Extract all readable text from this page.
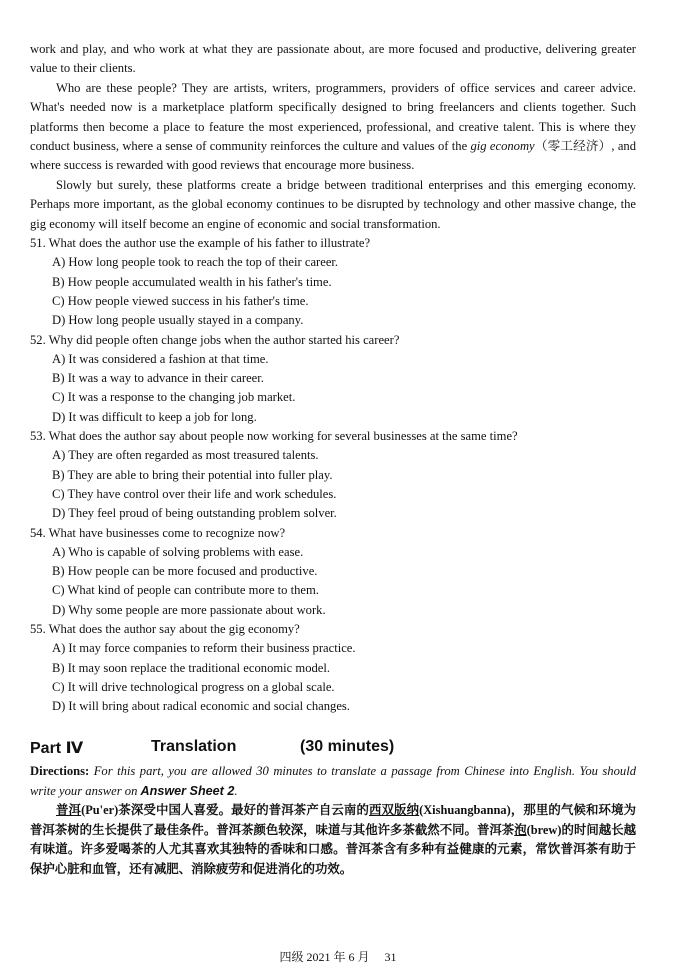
work and play, and who work at what they are passionate about, are more focused and productive, delivering greater value to their clients.

Who are these people? They are artists, writers, programmers, providers of office services and career advice. What's needed now is a marketplace platform specifically designed to bring freelancers and clients together. Such platforms then become a place to feature the most experienced, professional, and creative talent. This is where they conduct business, where a sense of community reinforces the culture and values of the gig economy（零工经济）, and where success is rewarded with good reviews that encourage more business.

Slowly but surely, these platforms create a bridge between traditional enterprises and this emerging economy. Perhaps more important, as the global economy continues to be disrupted by technology and other massive change, the gig economy will itself become an engine of economic and social transformation.

51. What does the author use the example of his father to illustrate?

A) How long people took to reach the top of their career.

B) How people accumulated wealth in his father's time.

C) How people viewed success in his father's time.

D) How long people usually stayed in a company.

52. Why did people often change jobs when the author started his career?

A) It was considered a fashion at that time.

B) It was a way to advance in their career.

C) It was a response to the changing job market.

D) It was difficult to keep a job for long.

53. What does the author say about people now working for several businesses at the same time?

A) They are often regarded as most treasured talents.

B) They are able to bring their potential into fuller play.

C) They have control over their life and work schedules.

D) They feel proud of being outstanding problem solver.

54. What have businesses come to recognize now?

A) Who is capable of solving problems with ease.

B) How people can be more focused and productive.

C) What kind of people can contribute more to them.

D) Why some people are more passionate about work.

55. What does the author say about the gig economy?

A) It may force companies to reform their business practice.

B) It may soon replace the traditional economic model.

C) It will drive technological progress on a global scale.

D) It will bring about radical economic and social changes.

Part Ⅳ	Translation	(30 minutes)

Directions: For this part, you are allowed 30 minutes to translate a passage from Chinese into English. You should write your answer on Answer Sheet 2.

普洱(Pu'er)茶深受中国人喜爱。最好的普洱茶产自云南的西双版纳(Xishuangbanna)，那里的气候和环境为普洱茶树的生长提供了最佳条件。普洱茶颜色较深，味道与其他许多茶截然不同。普洱茶泡(brew)的时间越长越有味道。许多爱喝茶的人尤其喜欢其独特的香味和口感。普洱茶含有多种有益健康的元素，常饮普洱茶有助于保护心脏和血管，还有减肥、消除疲劳和促进消化的功效。

四级 2021 年 6 月 31
